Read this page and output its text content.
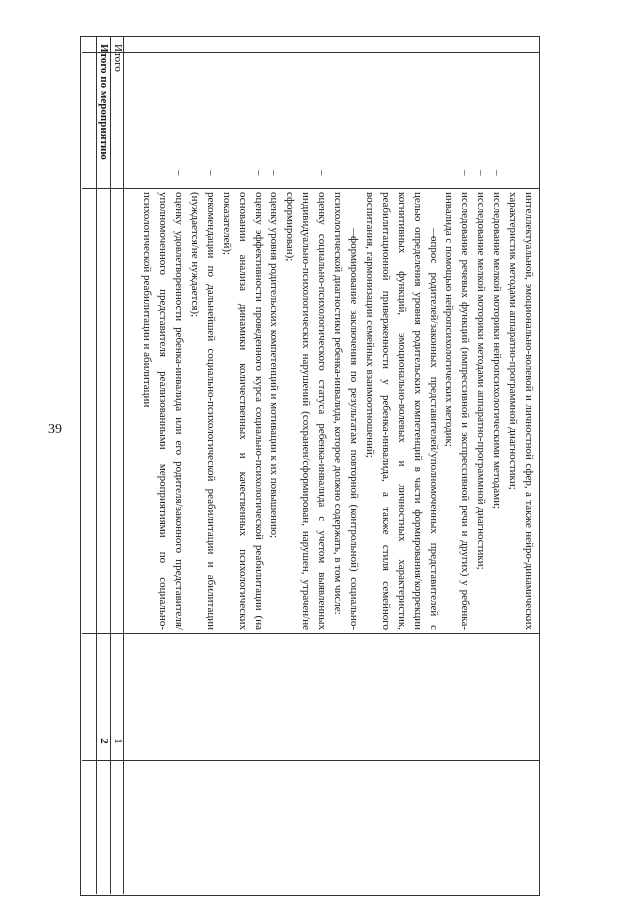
39	интеллектуальной, эмоционально-волевой и личностной сфер, а также нейро-динамических характеристик методами аппаратно-программной диагностики;

–исследование мелкой моторики нейропсихологическими методами;

–исследование мелкой моторики методами аппаратно-программной диагностики;

–исследование речевых функций (импрессивной и экспрессивной речи и других) у ребенка-инвалида с помощью нейропсихологических методик;

—опрос родителей/законных представителей/уполномоченных представителей с целью определения уровня родительских компетенций в части формирования/коррекции когнитивных функций, эмоционально-волевых и личностных характеристик, реабилитационной приверженности у ребенка-инвалида, а также стиля семейного воспитания, гармонизации семейных взаимоотношений;

—формирование заключения по результатам повторной (контрольной) социально-психологической диагностики ребенка-инвалида, которое должно содержать, в том числе:

–оценку социально-психологического статуса ребенка-инвалида с учетом выявленных индивидуально-психологических нарушений (сохранен/сформирован, нарушен, утрачен/не сформирован);

–оценку уровня родительских компетенций и мотивации к их повышению;

–оценку эффективности проведенного курса социально-психологической реабилитации (на основании анализа динамики количественных и качественных психологических показателей);

–рекомендации по дальнейшей социально-психологической реабилитации и абилитации (нуждается/не нуждается);

–оценку удовлетворенности ребенка-инвалида или его родителя/законного представителя/уполномоченного представителя реализованными мероприятиями по социально-психологической реабилитации и абилитации

Итого
1
Итого по мероприятию
2
